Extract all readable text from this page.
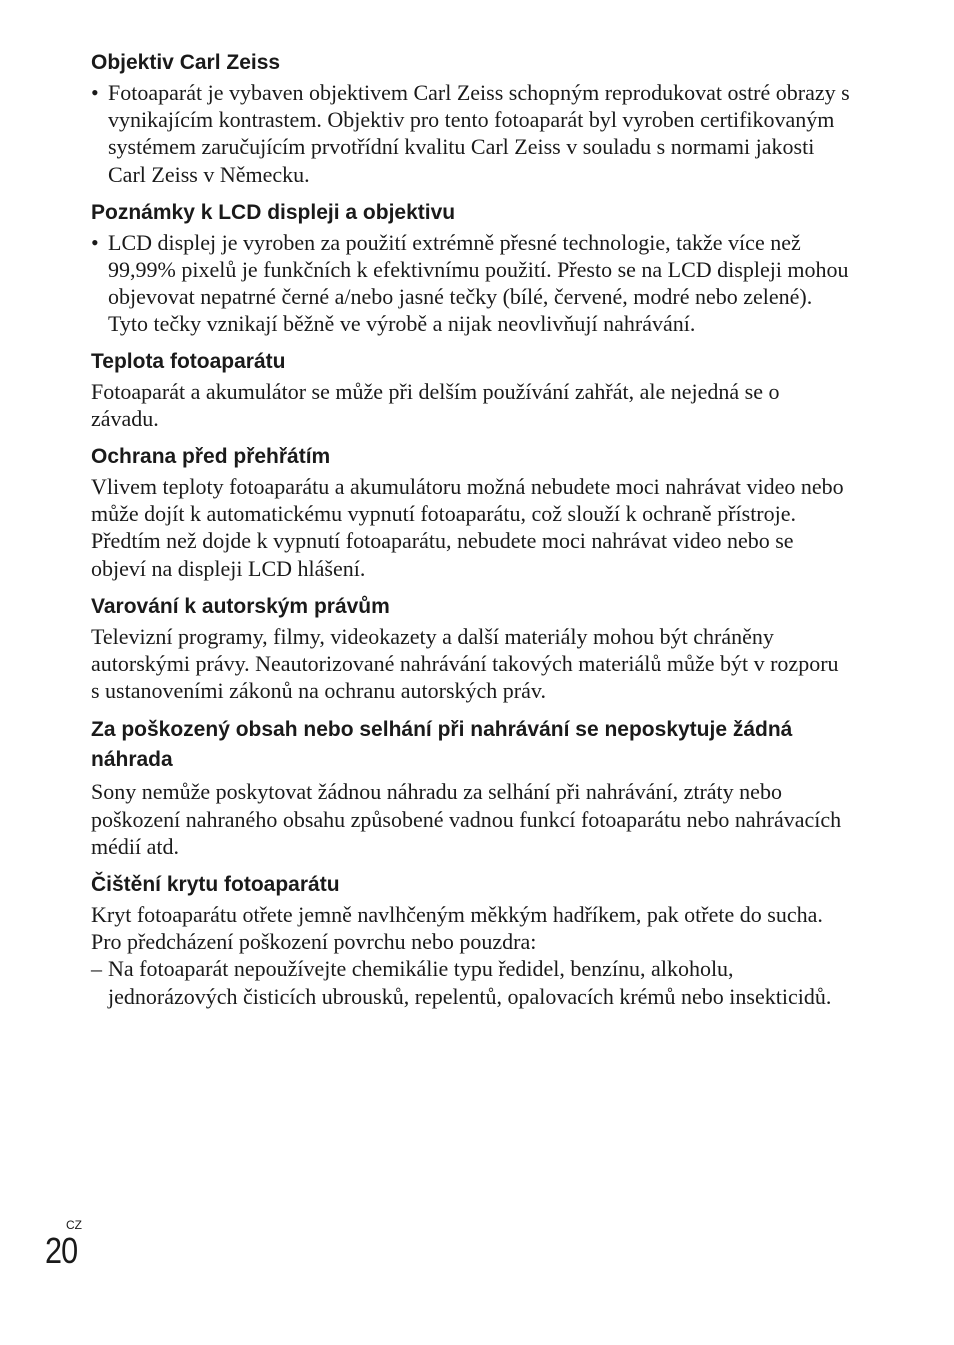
Objektiv Carl Zeiss
• Fotoaparát je vybaven objektivem Carl Zeiss schopným reprodukovat ostré obrazy s vynikajícím kontrastem. Objektiv pro tento fotoaparát byl vyroben certifikovaným systémem zaručujícím prvotřídní kvalitu Carl Zeiss v souladu s normami jakosti Carl Zeiss v Německu.
Poznámky k LCD displeji a objektivu
• LCD displej je vyroben za použití extrémně přesné technologie, takže více než 99,99% pixelů je funkčních k efektivnímu použití. Přesto se na LCD displeji mohou objevovat nepatrné černé a/nebo jasné tečky (bílé, červené, modré nebo zelené). Tyto tečky vznikají běžně ve výrobě a nijak neovlivňují nahrávání.
Teplota fotoaparátu

Fotoaparát a akumulátor se může při delším používání zahřát, ale nejedná se o závadu.

Ochrana před přehřátím

Vlivem teploty fotoaparátu a akumulátoru možná nebudete moci nahrávat video nebo může dojít k automatickému vypnutí fotoaparátu, což slouží k ochraně přístroje.

Předtím než dojde k vypnutí fotoaparátu, nebudete moci nahrávat video nebo se objeví na displeji LCD hlášení.

Varování k autorským právům

Televizní programy, filmy, videokazety a další materiály mohou být chráněny autorskými právy. Neautorizované nahrávání takových materiálů může být v rozporu s ustanoveními zákonů na ochranu autorských práv.

Za poškozený obsah nebo selhání při nahrávání se neposkytuje žádná náhrada

Sony nemůže poskytovat žádnou náhradu za selhání při nahrávání, ztráty nebo poškození nahraného obsahu způsobené vadnou funkcí fotoaparátu nebo nahrávacích médií atd.

Čištění krytu fotoaparátu

Kryt fotoaparátu otřete jemně navlhčeným měkkým hadříkem, pak otřete do sucha. Pro předcházení poškození povrchu nebo pouzdra:

– Na fotoaparát nepoužívejte chemikálie typu ředidel, benzínu, alkoholu, jednorázových čisticích ubrousků, repelentů, opalovacích krémů nebo insekticidů.
CZ
20
